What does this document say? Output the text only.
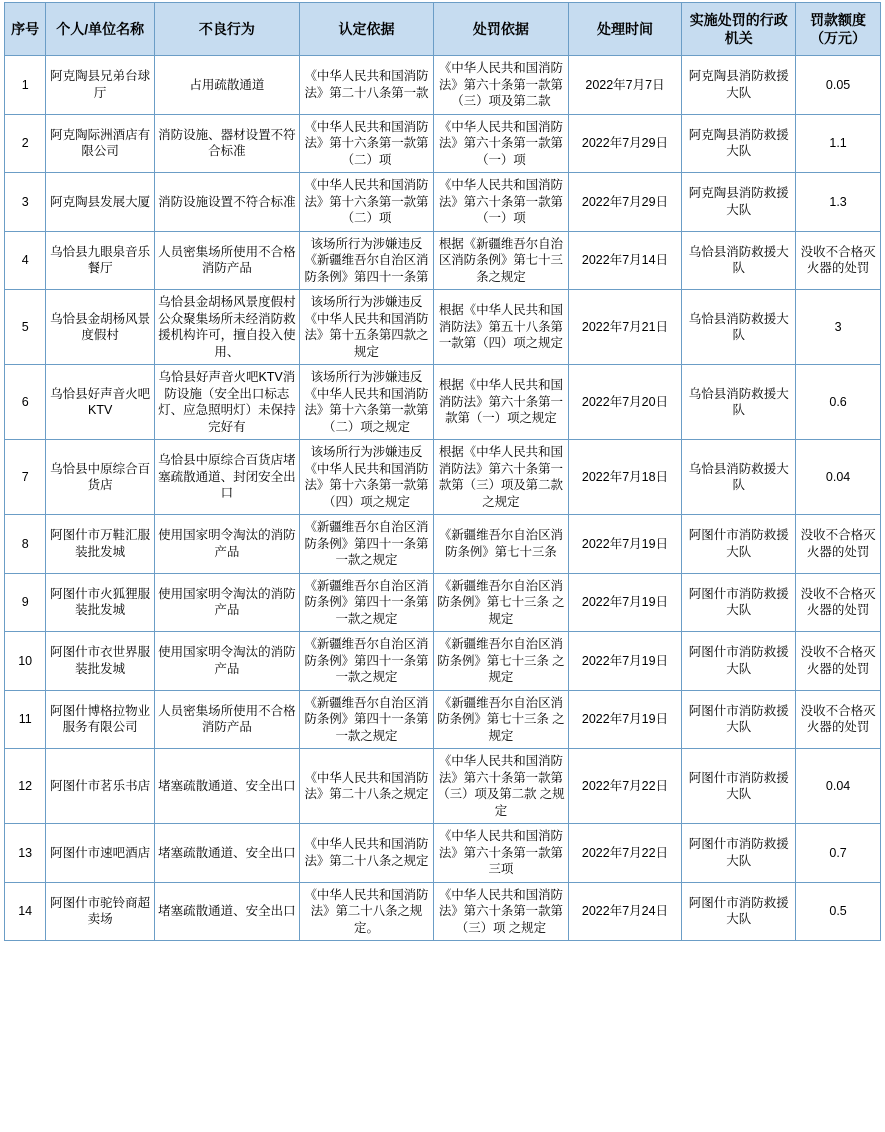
序号	个人/单位名称	不良行为	认定依据	处罚依据	处理时间	实施处罚的行政机关	罚款额度（万元）
1	阿克陶县兄弟台球厅	占用疏散通道	《中华人民共和国消防法》第二十八条第一款	《中华人民共和国消防法》第六十条第一款第（三）项及第二款	2022年7月7日	阿克陶县消防救援大队	0.05
2	阿克陶际洲酒店有限公司	消防设施、器材设置不符合标准	《中华人民共和国消防法》第十六条第一款第（二）项	《中华人民共和国消防法》第六十条第一款第（一）项	2022年7月29日	阿克陶县消防救援大队	1.1
3	阿克陶县发展大厦	消防设施设置不符合标准	《中华人民共和国消防法》第十六条第一款第（二）项	《中华人民共和国消防法》第六十条第一款第（一）项	2022年7月29日	阿克陶县消防救援大队	1.3
4	乌恰县九眼泉音乐餐厅	人员密集场所使用不合格消防产品	该场所行为涉嫌违反《新疆维吾尔自治区消防条例》第四十一条第	根据《新疆维吾尔自治区消防条例》第七十三条之规定	2022年7月14日	乌恰县消防救援大队	没收不合格灭火器的处罚
5	乌恰县金胡杨风景度假村	乌恰县金胡杨风景度假村公众聚集场所未经消防救援机构许可，擅自投入使用、	该场所行为涉嫌违反《中华人民共和国消防法》第十五条第四款之规定	根据《中华人民共和国消防法》第五十八条第一款第（四）项之规定	2022年7月21日	乌恰县消防救援大队	3
6	乌恰县好声音火吧KTV	乌恰县好声音火吧KTV消防设施（安全出口标志灯、应急照明灯）未保持完好有	该场所行为涉嫌违反《中华人民共和国消防法》第十六条第一款第（二）项之规定	根据《中华人民共和国消防法》第六十条第一款第（一）项之规定	2022年7月20日	乌恰县消防救援大队	0.6
7	乌恰县中原综合百货店	乌恰县中原综合百货店堵塞疏散通道、封闭安全出口	该场所行为涉嫌违反《中华人民共和国消防法》第十六条第一款第（四）项之规定	根据《中华人民共和国消防法》第六十条第一款第（三）项及第二款之规定	2022年7月18日	乌恰县消防救援大队	0.04
8	阿图什市万鞋汇服装批发城	使用国家明令淘汰的消防产品	《新疆维吾尔自治区消防条例》第四十一条第一款之规定	《新疆维吾尔自治区消防条例》第七十三条	2022年7月19日	阿图什市消防救援大队	没收不合格灭火器的处罚
9	阿图什市火狐狸服装批发城	使用国家明令淘汰的消防产品	《新疆维吾尔自治区消防条例》第四十一条第一款之规定	《新疆维吾尔自治区消防条例》第七十三条 之规定	2022年7月19日	阿图什市消防救援大队	没收不合格灭火器的处罚
10	阿图什市衣世界服装批发城	使用国家明令淘汰的消防产品	《新疆维吾尔自治区消防条例》第四十一条第一款之规定	《新疆维吾尔自治区消防条例》第七十三条 之规定	2022年7月19日	阿图什市消防救援大队	没收不合格灭火器的处罚
11	阿图什博格拉物业服务有限公司	人员密集场所使用不合格消防产品	《新疆维吾尔自治区消防条例》第四十一条第一款之规定	《新疆维吾尔自治区消防条例》第七十三条 之规定	2022年7月19日	阿图什市消防救援大队	没收不合格灭火器的处罚
12	阿图什市茗乐书店	堵塞疏散通道、安全出口	《中华人民共和国消防法》第二十八条之规定	《中华人民共和国消防法》第六十条第一款第（三）项及第二款 之规定	2022年7月22日	阿图什市消防救援大队	0.04
13	阿图什市速吧酒店	堵塞疏散通道、安全出口	《中华人民共和国消防法》第二十八条之规定	《中华人民共和国消防法》第六十条第一款第三项	2022年7月22日	阿图什市消防救援大队	0.7
14	阿图什市驼铃商超卖场	堵塞疏散通道、安全出口	《中华人民共和国消防法》第二十八条之规定。	《中华人民共和国消防法》第六十条第一款第（三）项 之规定	2022年7月24日	阿图什市消防救援大队	0.5
